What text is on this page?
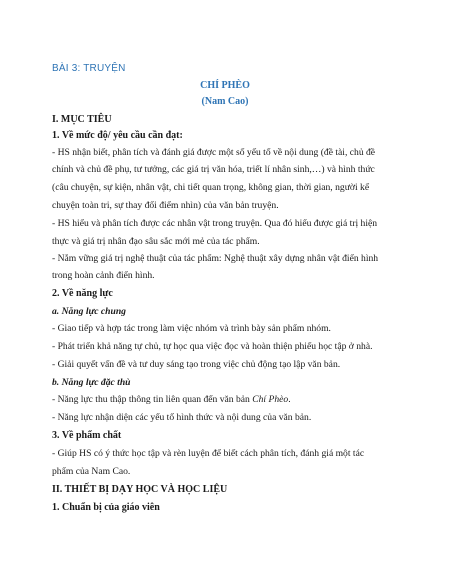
BÀI 3: TRUYỆN
CHÍ PHÈO
(Nam Cao)
I. MỤC TIÊU
1. Về mức độ/ yêu cầu cần đạt:
- HS nhận biết, phân tích và đánh giá được một số yếu tố về nội dung (đề tài, chủ đề
chính và chủ đề phụ, tư tưởng, các giá trị văn hóa, triết lí nhân sinh,…) và hình thức
(câu chuyện, sự kiện, nhân vật, chi tiết quan trọng, không gian, thời gian, người kể
chuyện toàn tri, sự thay đổi điểm nhìn) của văn bản truyện.
- HS hiểu và phân tích được các nhân vật trong truyện. Qua đó hiểu được giá trị hiện
thực và giá trị nhân đạo sâu sắc mới mẻ của tác phẩm.
- Nắm vững giá trị nghệ thuật của tác phẩm: Nghệ thuật xây dựng nhân vật điển hình
trong hoàn cảnh điển hình.
2. Về năng lực
a. Năng lực chung
- Giao tiếp và hợp tác trong làm việc nhóm và trình bày sản phẩm nhóm.
- Phát triển khả năng tự chủ, tự học qua việc đọc và hoàn thiện phiếu học tập ở nhà.
- Giải quyết vấn đề và tư duy sáng tạo trong việc chủ động tạo lập văn bản.
b. Năng lực đặc thù
- Năng lực thu thập thông tin liên quan đến văn bản Chí Phèo.
- Năng lực nhận diện các yếu tố hình thức và nội dung của văn bản.
3. Về phẩm chất
- Giúp HS có ý thức học tập và rèn luyện để biết cách phân tích, đánh giá một tác
phẩm của Nam Cao.
II. THIẾT BỊ DẠY HỌC VÀ HỌC LIỆU
1. Chuẩn bị của giáo viên
